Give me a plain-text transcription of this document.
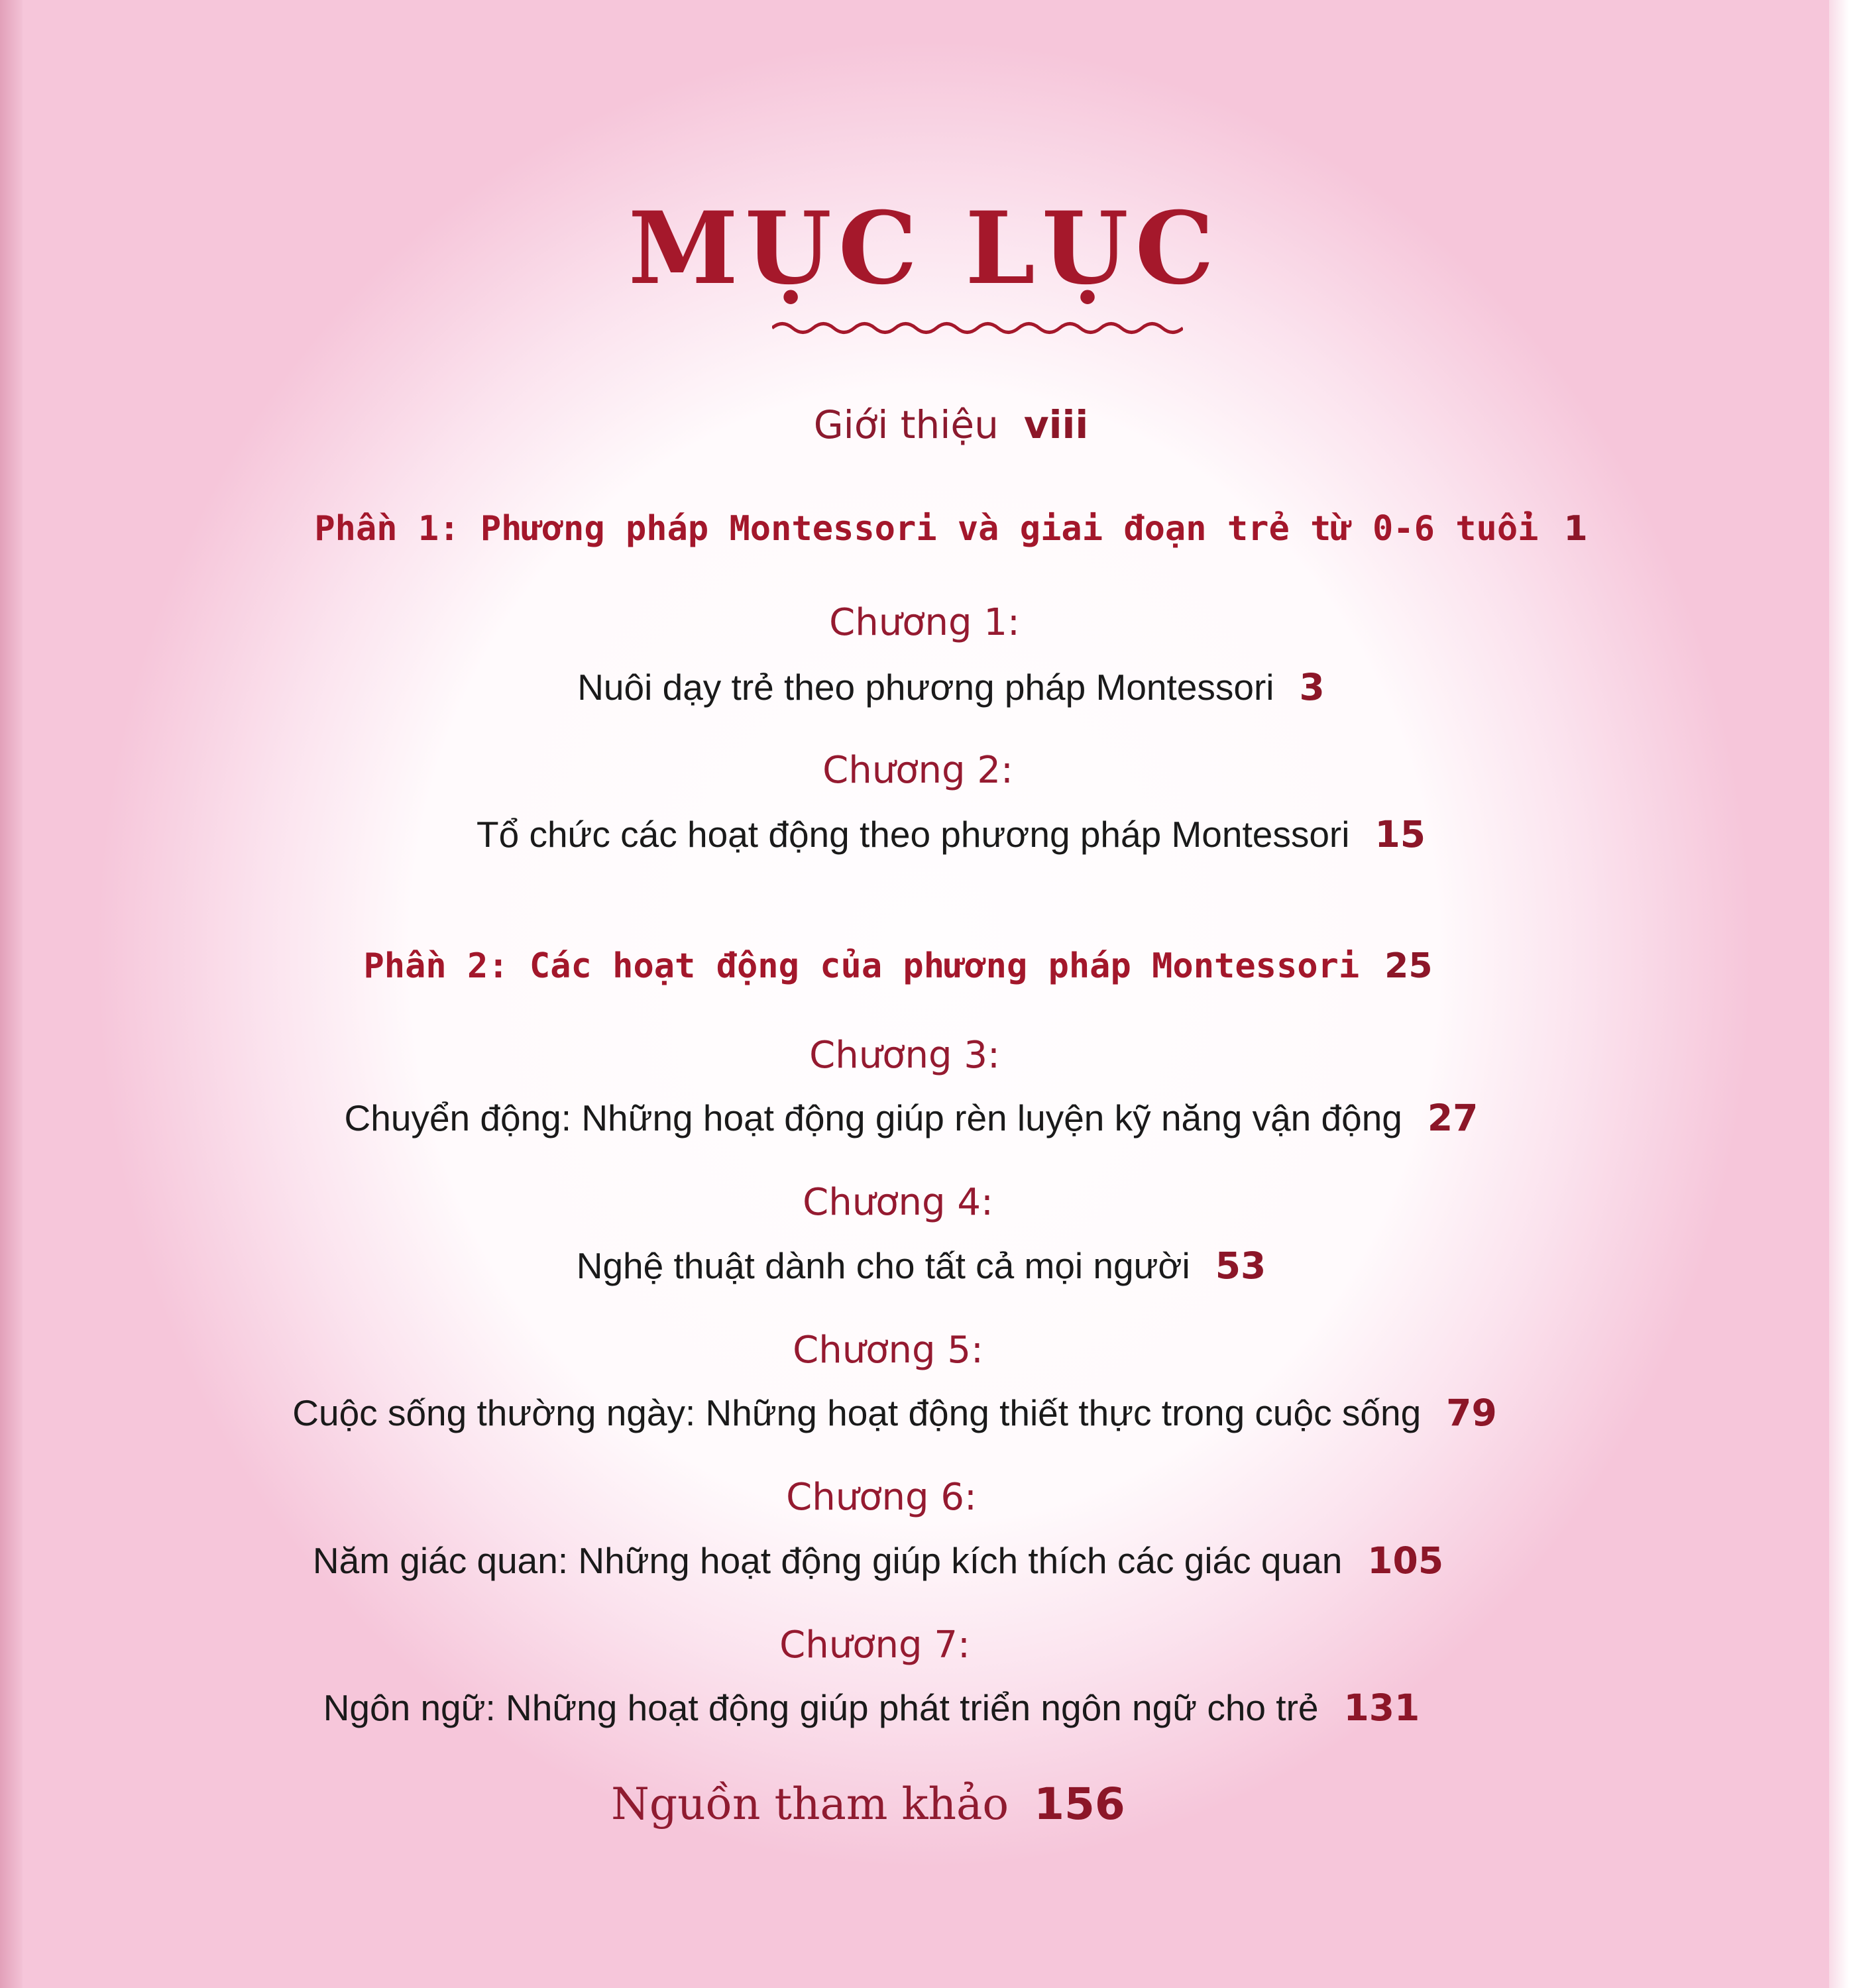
MỤC LỤC
Giới thiệu viii
Phần 1: Phương pháp Montessori và giai đoạn trẻ từ 0-6 tuổi 1
Chương 1:
Nuôi dạy trẻ theo phương pháp Montessori 3
Chương 2:
Tổ chức các hoạt động theo phương pháp Montessori 15
Phần 2: Các hoạt động của phương pháp Montessori 25
Chương 3:
Chuyển động: Những hoạt động giúp rèn luyện kỹ năng vận động 27
Chương 4:
Nghệ thuật dành cho tất cả mọi người 53
Chương 5:
Cuộc sống thường ngày: Những hoạt động thiết thực trong cuộc sống 79
Chương 6:
Năm giác quan: Những hoạt động giúp kích thích các giác quan 105
Chương 7:
Ngôn ngữ: Những hoạt động giúp phát triển ngôn ngữ cho trẻ 131
Nguồn tham khảo 156
